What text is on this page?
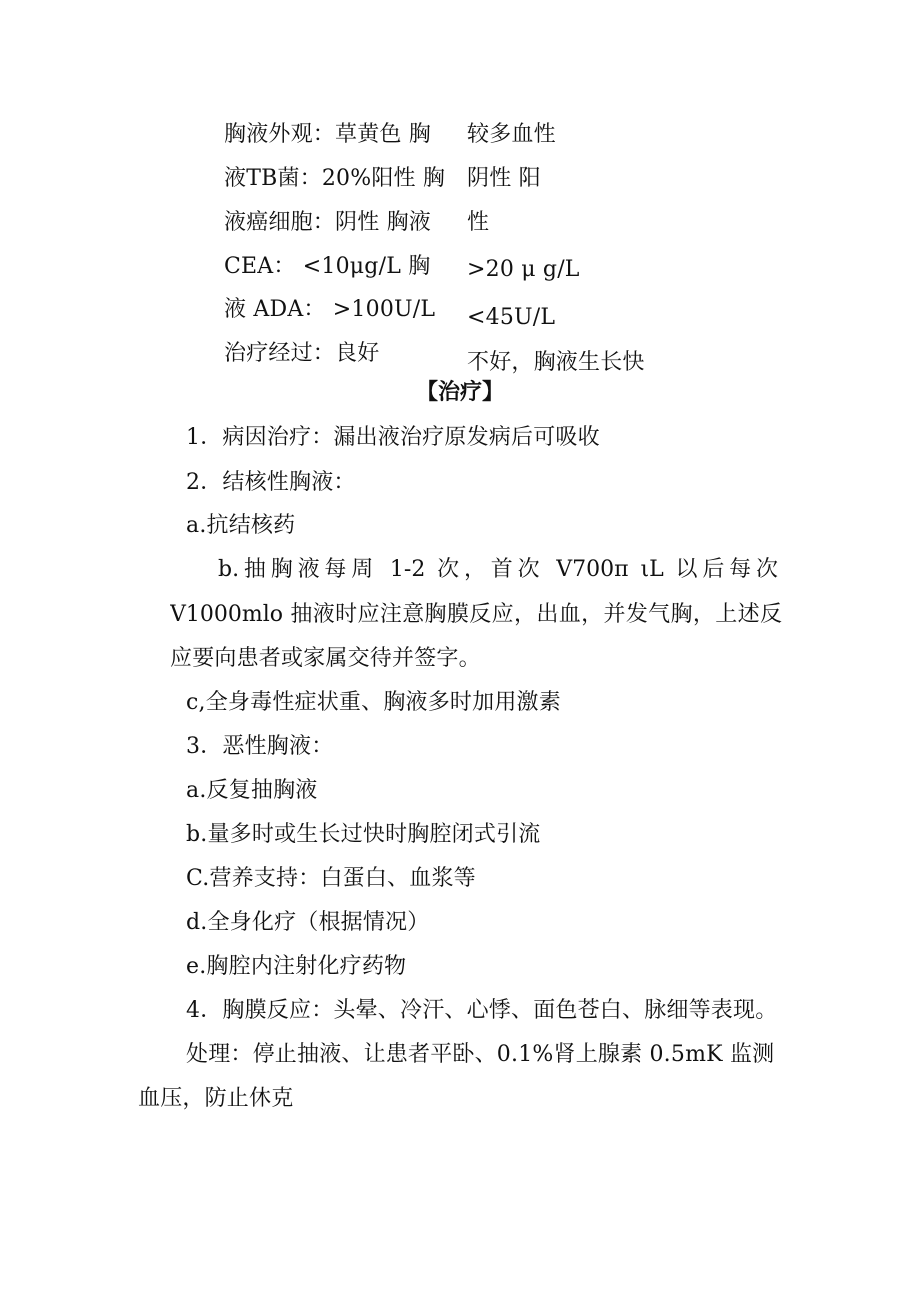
胸液外观：草黄色 胸
液TB菌：20%阳性 胸
液癌细胞：阴性 胸液
CEA： <10μg/L 胸
液 ADA： >100U/L
治疗经过：良好
较多血性
阴性 阳
性
>20 μ g/L
<45U/L
不好，胸液生长快
【治疗】
1．病因治疗：漏出液治疗原发病后可吸收
2．结核性胸液：
a.抗结核药
b.抽胸液每周 1-2 次，首次 V700π ιL 以后每次
V1000mlo 抽液时应注意胸膜反应，出血，并发气胸，上述反
应要向患者或家属交待并签字。
c,全身毒性症状重、胸液多时加用激素
3．恶性胸液：
a.反复抽胸液
b.量多时或生长过快时胸腔闭式引流
C.营养支持：白蛋白、血浆等
d.全身化疗（根据情况）
e.胸腔内注射化疗药物
4．胸膜反应：头晕、冷汗、心悸、面色苍白、脉细等表现。
处理：停止抽液、让患者平卧、0.1%肾上腺素 0.5mK 监测
血压，防止休克
